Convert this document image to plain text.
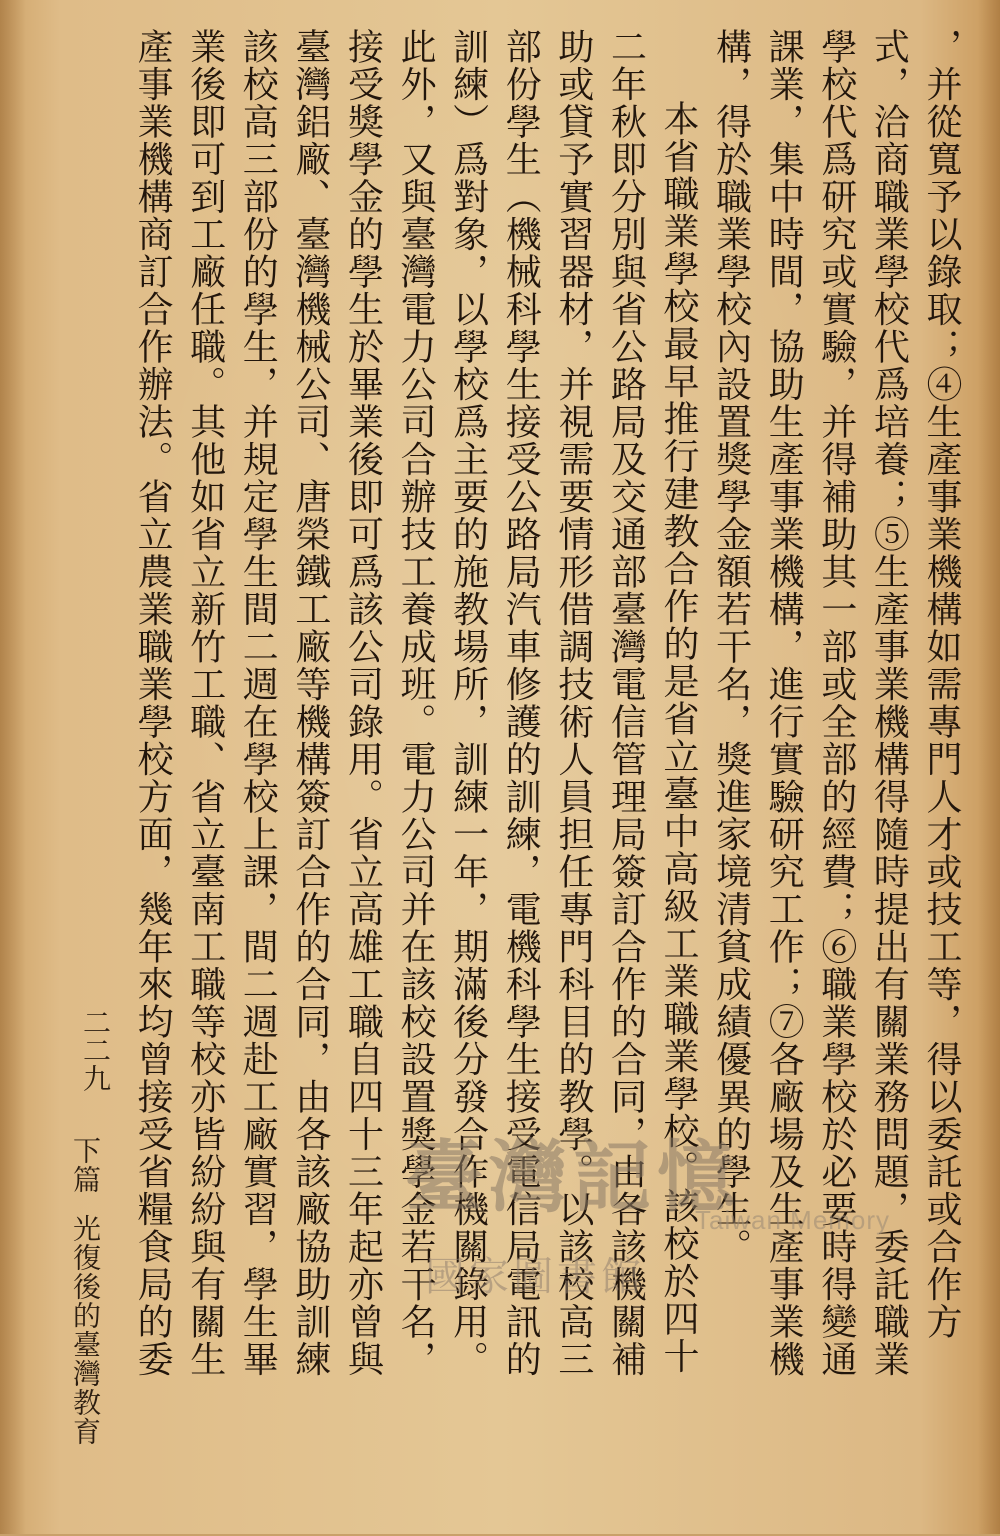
，并從寬予以錄取；④生產事業機構如需專門人才或技工等，得以委託或合作方式，洽商職業學校代爲培養；⑤生產事業機構得隨時提出有關業務問題，委託職業學校代爲研究或實驗，并得補助其一部或全部的經費；⑥職業學校於必要時得變通課業，集中時間，協助生產事業機構，進行實驗研究工作；⑦各廠場及生產事業機構，得於職業學校內設置獎學金額若干名，獎進家境清貧成績優異的學生。

本省職業學校最早推行建教合作的是省立臺中高級工業職業學校。該校於四十二年秋即分別與省公路局及交通部臺灣電信管理局簽訂合作的合同，由各該機關補助或貸予實習器材，并視需要情形借調技術人員担任專門科目的教學。以該校高三部份學生（機械科學生接受公路局汽車修護的訓練，電機科學生接受電信局電訊的訓練）爲對象，以學校爲主要的施教場所，訓練一年，期滿後分發合作機關錄用。此外，又與臺灣電力公司合辦技工養成班。電力公司并在該校設置獎學金若干名，接受獎學金的學生於畢業後即可爲該公司錄用。省立高雄工職自四十三年起亦曾與臺灣鋁廠、臺灣機械公司、唐榮鐵工廠等機構簽訂合作的合同，由各該廠協助訓練該校高三部份的學生，并規定學生間二週在學校上課，間二週赴工廠實習，學生畢業後即可到工廠任職。其他如省立新竹工職、省立臺南工職等校亦皆紛紛與有關生產事業機構商訂合作辦法。省立農業職業學校方面，幾年來均曾接受省糧食局的委

二二九
下篇光復後的臺灣教育
臺灣記憶
Taiwan Memory
國家圖書館
